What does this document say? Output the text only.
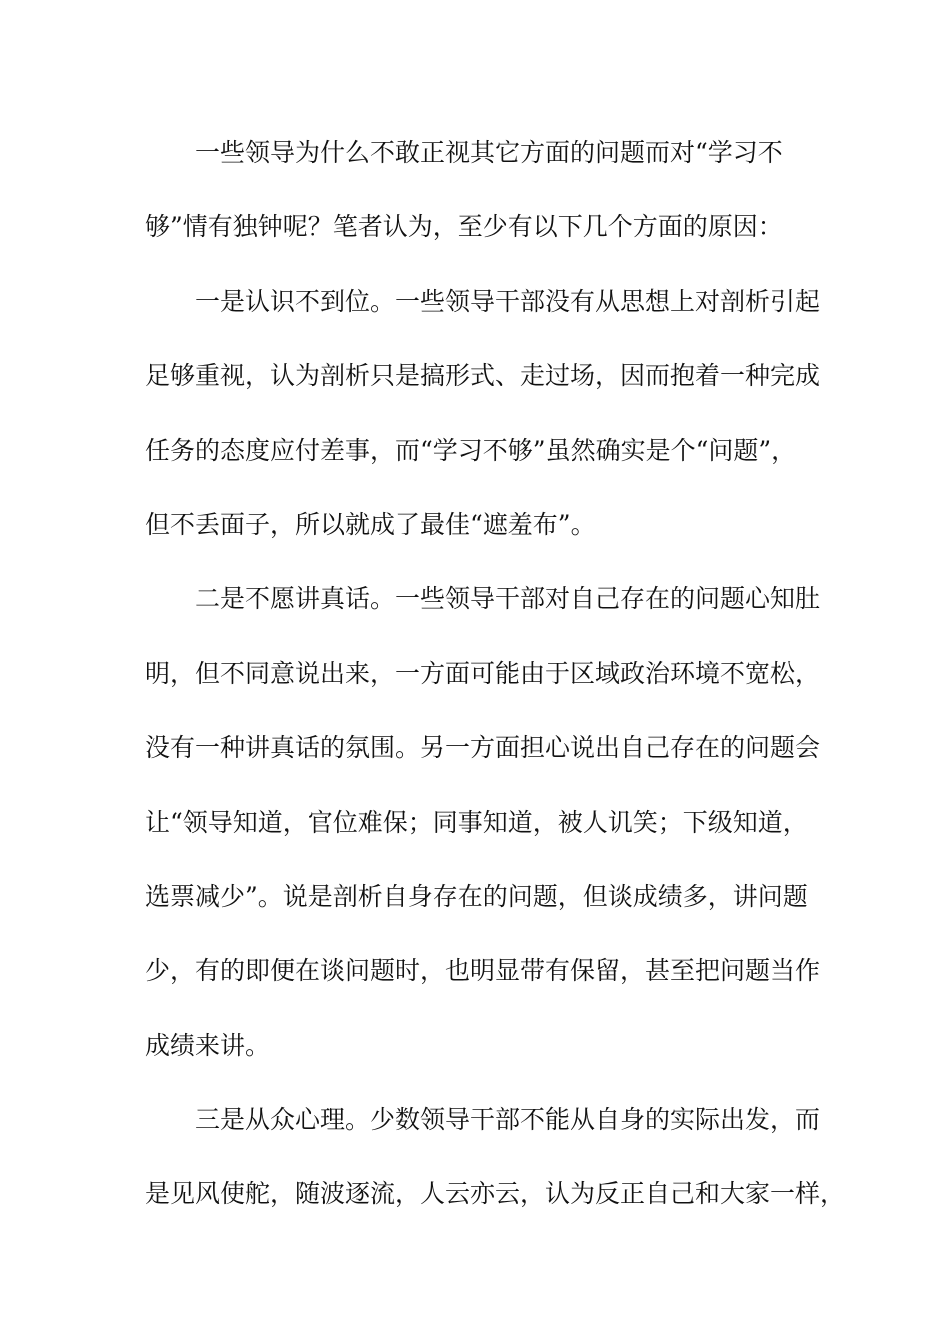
一些领导为什么不敢正视其它方面的问题而对“学习不
够”情有独钟呢？笔者认为，至少有以下几个方面的原因：
一是认识不到位。一些领导干部没有从思想上对剖析引起
足够重视，认为剖析只是搞形式、走过场，因而抱着一种完成
任务的态度应付差事，而“学习不够”虽然确实是个“问题”，
但不丢面子，所以就成了最佳“遮羞布”。
二是不愿讲真话。一些领导干部对自己存在的问题心知肚
明，但不同意说出来，一方面可能由于区域政治环境不宽松，
没有一种讲真话的氛围。另一方面担心说出自己存在的问题会
让“领导知道，官位难保；同事知道，被人讥笑；下级知道，
选票减少”。说是剖析自身存在的问题，但谈成绩多，讲问题
少，有的即便在谈问题时，也明显带有保留，甚至把问题当作
成绩来讲。
三是从众心理。少数领导干部不能从自身的实际出发，而
是见风使舵，随波逐流，人云亦云，认为反正自己和大家一样，
